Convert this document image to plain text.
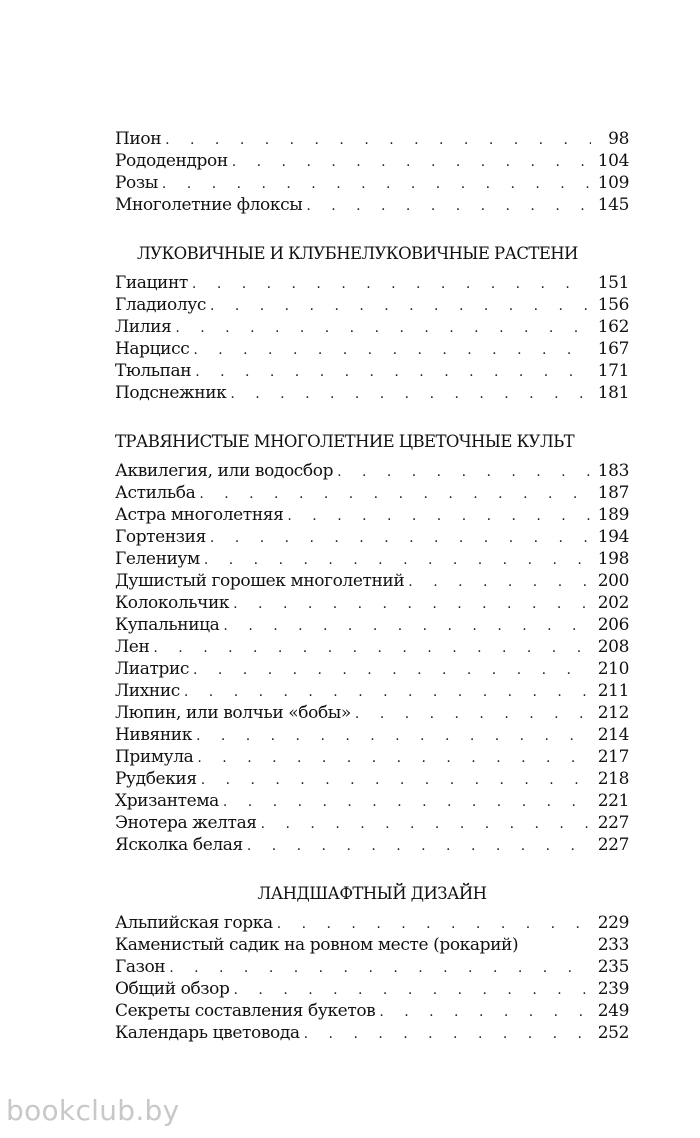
Пион . . .	98
Рододендрон . . .	104
Розы . . .	109
Многолетние флоксы . . .	145
ЛУКОВИЧНЫЕ И КЛУБНЕЛУКОВИЧНЫЕ РАСТЕНИ
Гиацинт . . .	151
Гладиолус . . .	156
Лилия . . .	162
Нарцисс . . .	167
Тюльпан . . .	171
Подснежник . . .	181
ТРАВЯНИСТЫЕ МНОГОЛЕТНИЕ ЦВЕТОЧНЫЕ КУЛЬТ
Аквилегия, или водосбор . . .	183
Астильба . . .	187
Астра многолетняя . . .	189
Гортензия . . .	194
Гелениум . . .	198
Душистый горошек многолетний . . .	200
Колокольчик . . .	202
Купальница . . .	206
Лен . . .	208
Лиатрис . . .	210
Лихнис . . .	211
Люпин, или волчьи «бобы» . . .	212
Нивяник . . .	214
Примула . . .	217
Рудбекия . . .	218
Хризантема . . .	221
Энотера желтая . . .	227
Ясколка белая . . .	227
ЛАНДШАФТНЫЙ ДИЗАЙН
Альпийская горка . . .	229
Каменистый садик на ровном месте (рокарий)	233
Газон . . .	235
Общий обзор . . .	239
Секреты составления букетов . . .	249
Календарь цветовода . . .	252
bookclub.by
